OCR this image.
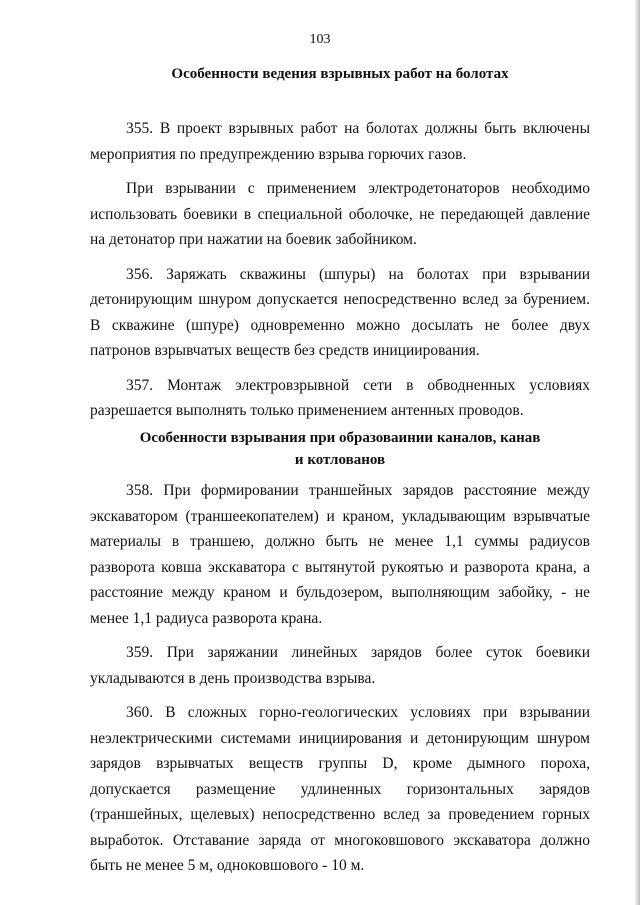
103
Особенности ведения взрывных работ на болотах

355. В проект взрывных работ на болотах должны быть включены мероприятия по предупреждению взрыва горючих газов.

При взрывании с применением электродетонаторов необходимо использовать боевики в специальной оболочке, не передающей давление на детонатор при нажатии на боевик забойником.

356. Заряжать скважины (шпуры) на болотах при взрывании детонирующим шнуром допускается непосредственно вслед за бурением. В скважине (шпуре) одновременно можно досылать не более двух патронов взрывчатых веществ без средств инициирования.

357. Монтаж электровзрывной сети в обводненных условиях разрешается выполнять только применением антенных проводов.

Особенности взрывания при образоваинии каналов, канав
и котлованов

358. При формировании траншейных зарядов расстояние между экскаватором (траншеекопателем) и краном, укладывающим взрывчатые материалы в траншею, должно быть не менее 1,1 суммы радиусов разворота ковша экскаватора с вытянутой рукоятью и разворота крана, а расстояние между краном и бульдозером, выполняющим забойку, - не менее 1,1 радиуса разворота крана.

359. При заряжании линейных зарядов более суток боевики укладываются в день производства взрыва.

360. В сложных горно-геологических условиях при взрывании неэлектрическими системами инициирования и детонирующим шнуром зарядов взрывчатых веществ группы D, кроме дымного пороха, допускается размещение удлиненных горизонтальных зарядов (траншейных, щелевых) непосредственно вслед за проведением горных выработок. Отставание заряда от многоковшового экскаватора должно быть не менее 5 м, одноковшового - 10 м.
